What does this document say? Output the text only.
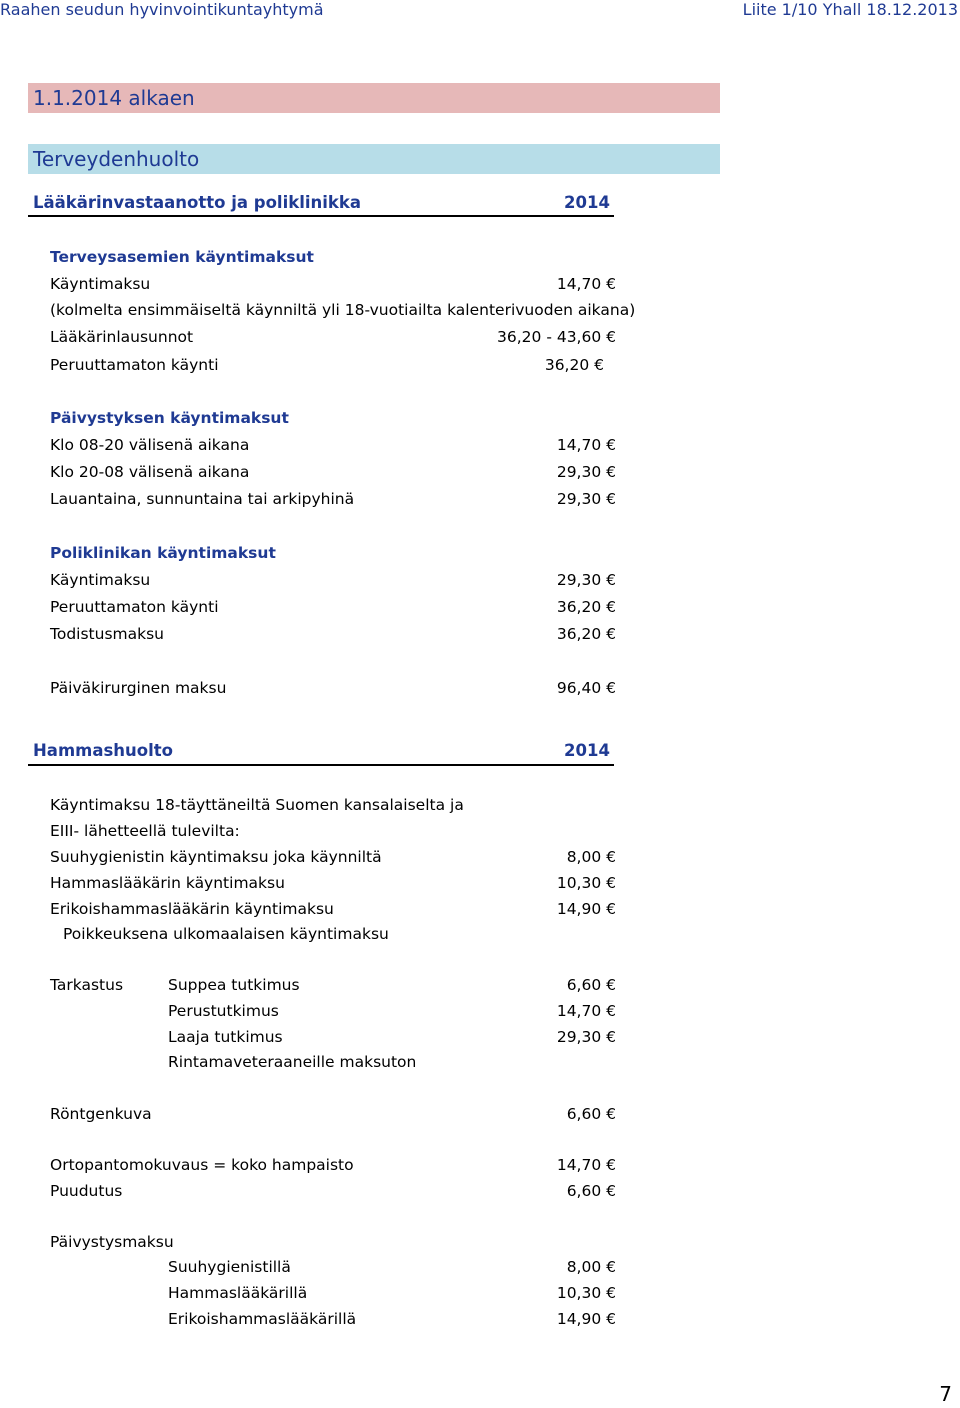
Raahen seudun hyvinvointikuntayhtymä	Liite 1/10 Yhall 18.12.2013
1.1.2014 alkaen
Terveydenhuolto
Lääkärinvastaanotto ja poliklinikka	2014
Terveysasemien käyntimaksut
Käyntimaksu	14,70 €
(kolmelta ensimmäiseltä käynniltä yli 18-vuotiailta kalenterivuoden aikana)
Lääkärinlausunnot	36,20 - 43,60 €
Peruuttamaton käynti	36,20 €
Päivystyksen käyntimaksut
Klo 08-20 välisenä aikana	14,70 €
Klo 20-08 välisenä aikana	29,30 €
Lauantaina, sunnuntaina tai arkipyhinä	29,30 €
Poliklinikan käyntimaksut
Käyntimaksu	29,30 €
Peruuttamaton käynti	36,20 €
Todistusmaksu	36,20 €
Päiväkirurginen maksu	96,40 €
Hammashuolto	2014
Käyntimaksu 18-täyttäneiltä Suomen kansalaiselta ja
EIII- lähetteellä tulevilta:
Suuhygienistin käyntimaksu joka käynniltä	8,00 €
Hammaslääkärin käyntimaksu	10,30 €
Erikoishammaslääkärin käyntimaksu	14,90 €
Poikkeuksena ulkomaalaisen käyntimaksu
Tarkastus	Suppea tutkimus	6,60 €
Perustutkimus	14,70 €
Laaja tutkimus	29,30 €
Rintamaveteraaneille maksuton
Röntgenkuva	6,60 €
Ortopantomokuvaus = koko hampaisto	14,70 €
Puudutus	6,60 €
Päivystysmaksu
Suuhygienistillä	8,00 €
Hammaslääkärillä	10,30 €
Erikoishammaslääkärillä	14,90 €
7
